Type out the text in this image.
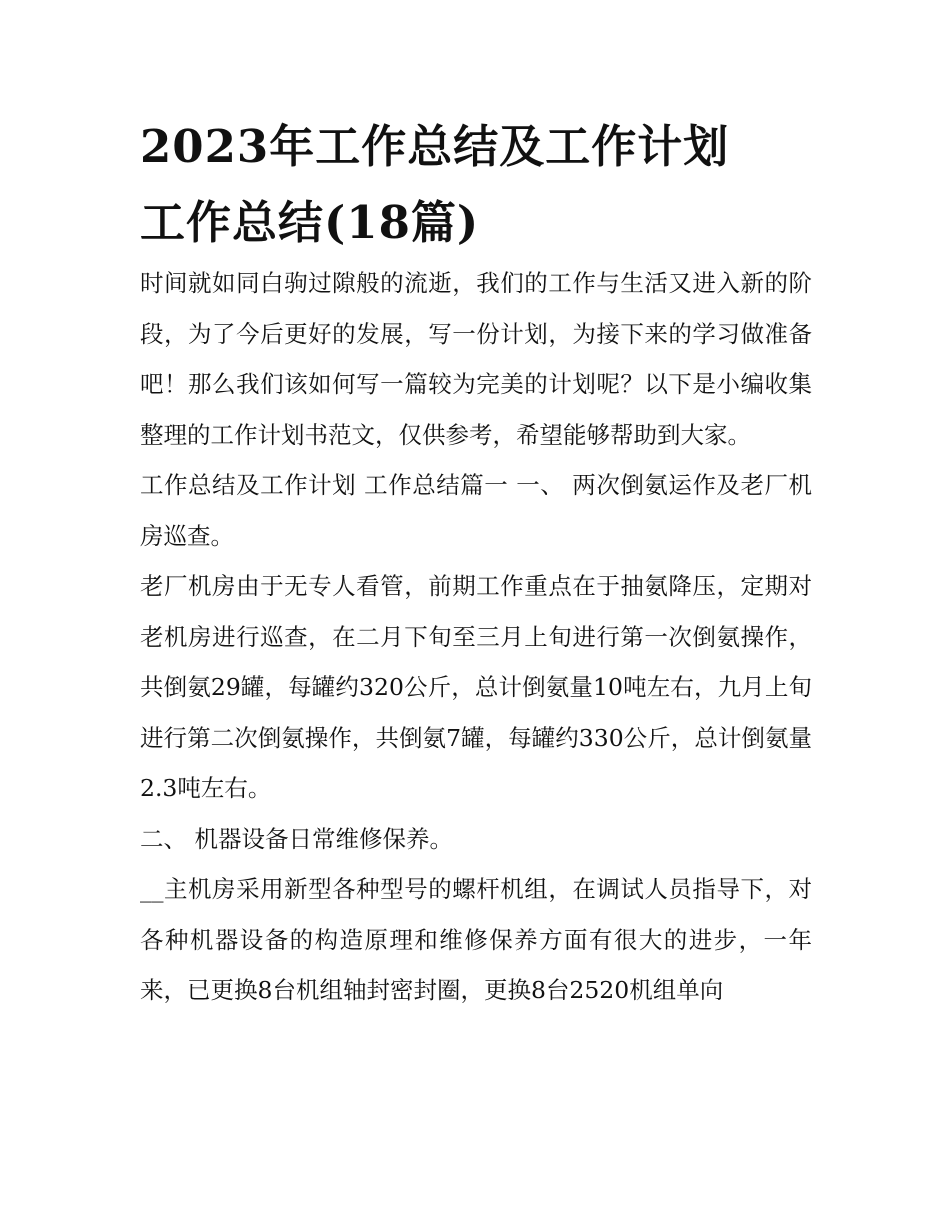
2023年工作总结及工作计划
工作总结(18篇)

时间就如同白驹过隙般的流逝，我们的工作与生活又进入新的阶段，为了今后更好的发展，写一份计划，为接下来的学习做准备吧！那么我们该如何写一篇较为完美的计划呢？以下是小编收集整理的工作计划书范文，仅供参考，希望能够帮助到大家。

工作总结及工作计划 工作总结篇一 一、 两次倒氨运作及老厂机房巡查。

老厂机房由于无专人看管，前期工作重点在于抽氨降压，定期对老机房进行巡查，在二月下旬至三月上旬进行第一次倒氨操作，共倒氨29罐，每罐约320公斤，总计倒氨量10吨左右，九月上旬进行第二次倒氨操作，共倒氨7罐，每罐约330公斤，总计倒氨量2.3吨左右。

二、 机器设备日常维修保养。

__主机房采用新型各种型号的螺杆机组，在调试人员指导下，对各种机器设备的构造原理和维修保养方面有很大的进步，一年来，已更换8台机组轴封密封圈，更换8台2520机组单向
